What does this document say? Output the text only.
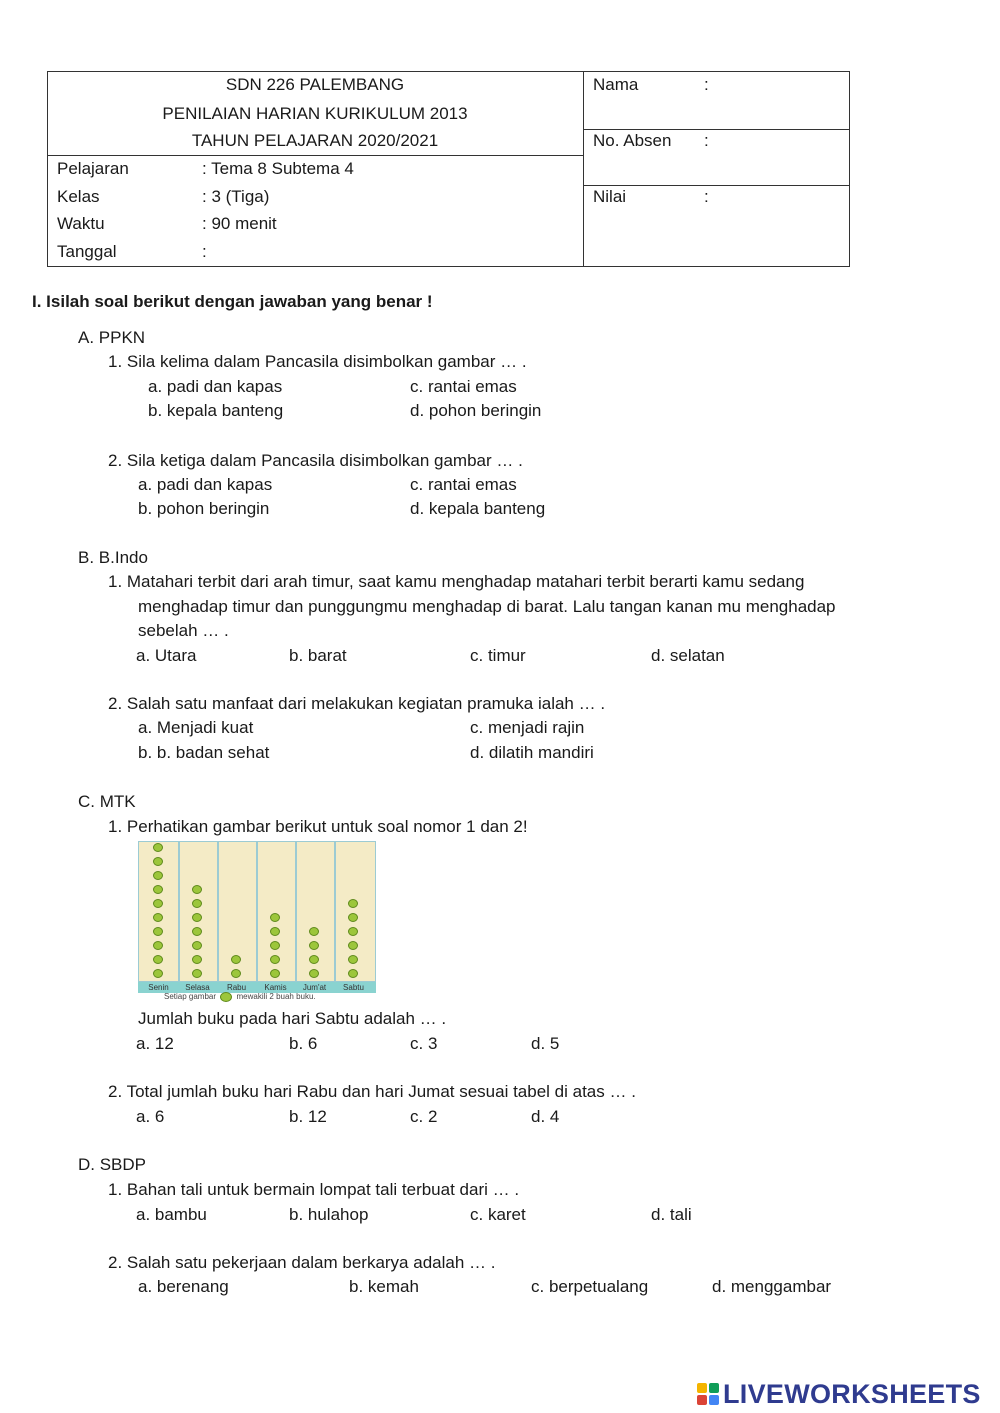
SDN 226 PALEMBANG
PENILAIAN HARIAN KURIKULUM 2013
TAHUN PELAJARAN 2020/2021
Pelajaran	: Tema 8 Subtema 4
Kelas	: 3 (Tiga)
Waktu	: 90 menit
Tanggal	:
Nama	:
No. Absen :
Nilai	:
I. Isilah soal berikut dengan jawaban yang benar !
A. PPKN
1. Sila kelima dalam Pancasila disimbolkan gambar … .
a. padi dan kapas
b. kepala banteng
c. rantai emas
d. pohon beringin
2. Sila ketiga dalam Pancasila disimbolkan gambar … .
a. padi dan kapas
b. pohon beringin
c. rantai emas
d. kepala banteng
B. B.Indo
1. Matahari terbit dari arah timur, saat kamu menghadap matahari terbit berarti kamu sedang
menghadap timur dan punggungmu menghadap di barat. Lalu tangan kanan mu menghadap
sebelah … .
a. Utara	b. barat	c. timur	d. selatan
2. Salah satu manfaat dari melakukan kegiatan pramuka ialah … .
a. Menjadi kuat
b. b. badan sehat
c. menjadi rajin
d. dilatih mandiri
C. MTK
1. Perhatikan gambar berikut untuk soal nomor 1 dan 2!
Senin	Selasa	Rabu	Kamis	Jum'at	Sabtu
Setiap gambar	mewakili 2 buah buku.
Jumlah buku pada hari Sabtu adalah … .
a. 12	b. 6	c. 3	d. 5
2. Total jumlah buku hari Rabu dan hari Jumat sesuai tabel di atas … .
a. 6	b. 12	c. 2	d. 4
D. SBDP
1. Bahan tali untuk bermain lompat tali terbuat dari … .
a. bambu	b. hulahop	c. karet	d. tali
2. Salah satu pekerjaan dalam berkarya adalah … .
a. berenang	b. kemah	c. berpetualang	d. menggambar
LIVEWORKSHEETS
